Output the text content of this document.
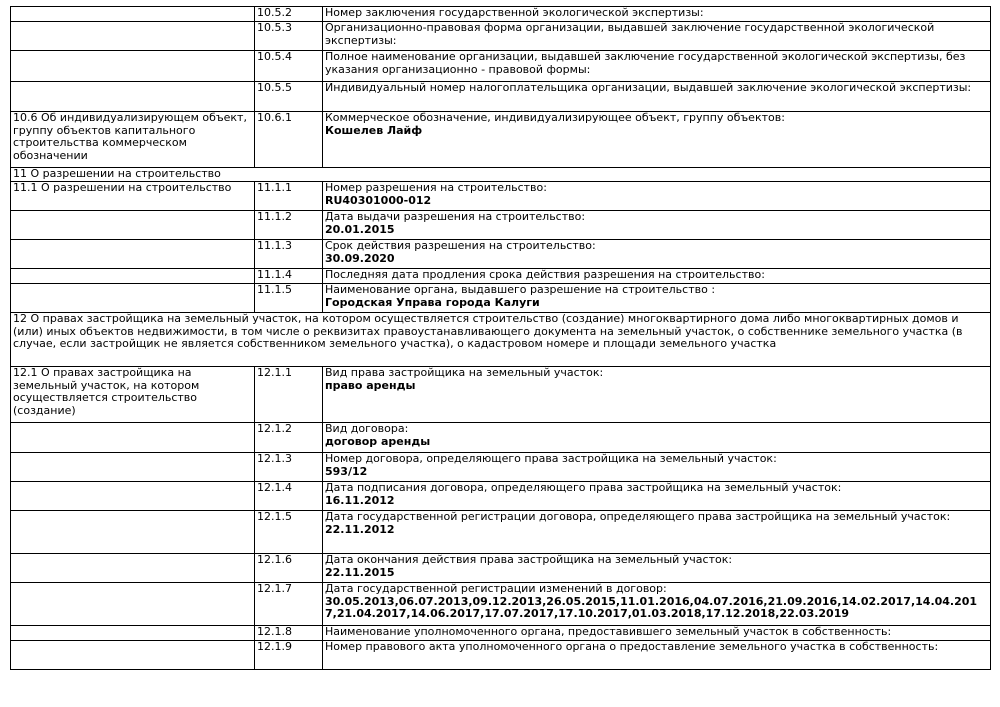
	10.5.2	Номер заключения государственной экологической экспертизы:

	10.5.3	Организационно-правовая форма организации, выдавшей заключение государственной экологической экспертизы:

	10.5.4	Полное наименование организации, выдавшей заключение государственной экологической экспертизы, без указания организационно - правовой формы:

	10.5.5	Индивидуальный номер налогоплательщика организации, выдавшей заключение экологической экспертизы:

10.6 Об индивидуализирующем объект, группу объектов капитального строительства коммерческом обозначении	10.6.1	Коммерческое обозначение, индивидуализирующее объект, группу объектов:
Кошелев Лайф

11 О разрешении на строительство		
11.1 О разрешении на строительство	11.1.1	Номер разрешения на строительство:
RU40301000-012

	11.1.2	Дата выдачи разрешения на строительство:
20.01.2015

	11.1.3	Срок действия разрешения на строительство:
30.09.2020

	11.1.4	Последняя дата продления срока действия разрешения на строительство:

	11.1.5	Наименование органа, выдавшего разрешение на строительство :
Городская Управа города Калуги

12 О правах застройщика на земельный участок, на котором осуществляется строительство (создание) многоквартирного дома либо многоквартирных домов и (или) иных объектов недвижимости, в том числе о реквизитах правоустанавливающего документа на земельный участок, о собственнике земельного участка (в случае, если застройщик не является собственником земельного участка), о кадастровом номере и площади земельного участка		
12.1 О правах застройщика на земельный участок, на котором осуществляется строительство (создание)	12.1.1	Вид права застройщика на земельный участок:
право аренды

	12.1.2	Вид договора:
договор аренды

	12.1.3	Номер договора, определяющего права застройщика на земельный участок:
593/12

	12.1.4	Дата подписания договора, определяющего права застройщика на земельный участок:
16.11.2012

	12.1.5	Дата государственной регистрации договора, определяющего права застройщика на земельный участок:
22.11.2012

	12.1.6	Дата окончания действия права застройщика на земельный участок:
22.11.2015

	12.1.7	Дата государственной регистрации изменений в договор:
30.05.2013,06.07.2013,09.12.2013,26.05.2015,11.01.2016,04.07.2016,21.09.2016,14.02.2017,14.04.2017,21.04.2017,14.06.2017,17.07.2017,17.10.2017,01.03.2018,17.12.2018,22.03.2019

	12.1.8	Наименование уполномоченного органа, предоставившего земельный участок в собственность:

	12.1.9	Номер правового акта уполномоченного органа о предоставление земельного участка в собственность:
